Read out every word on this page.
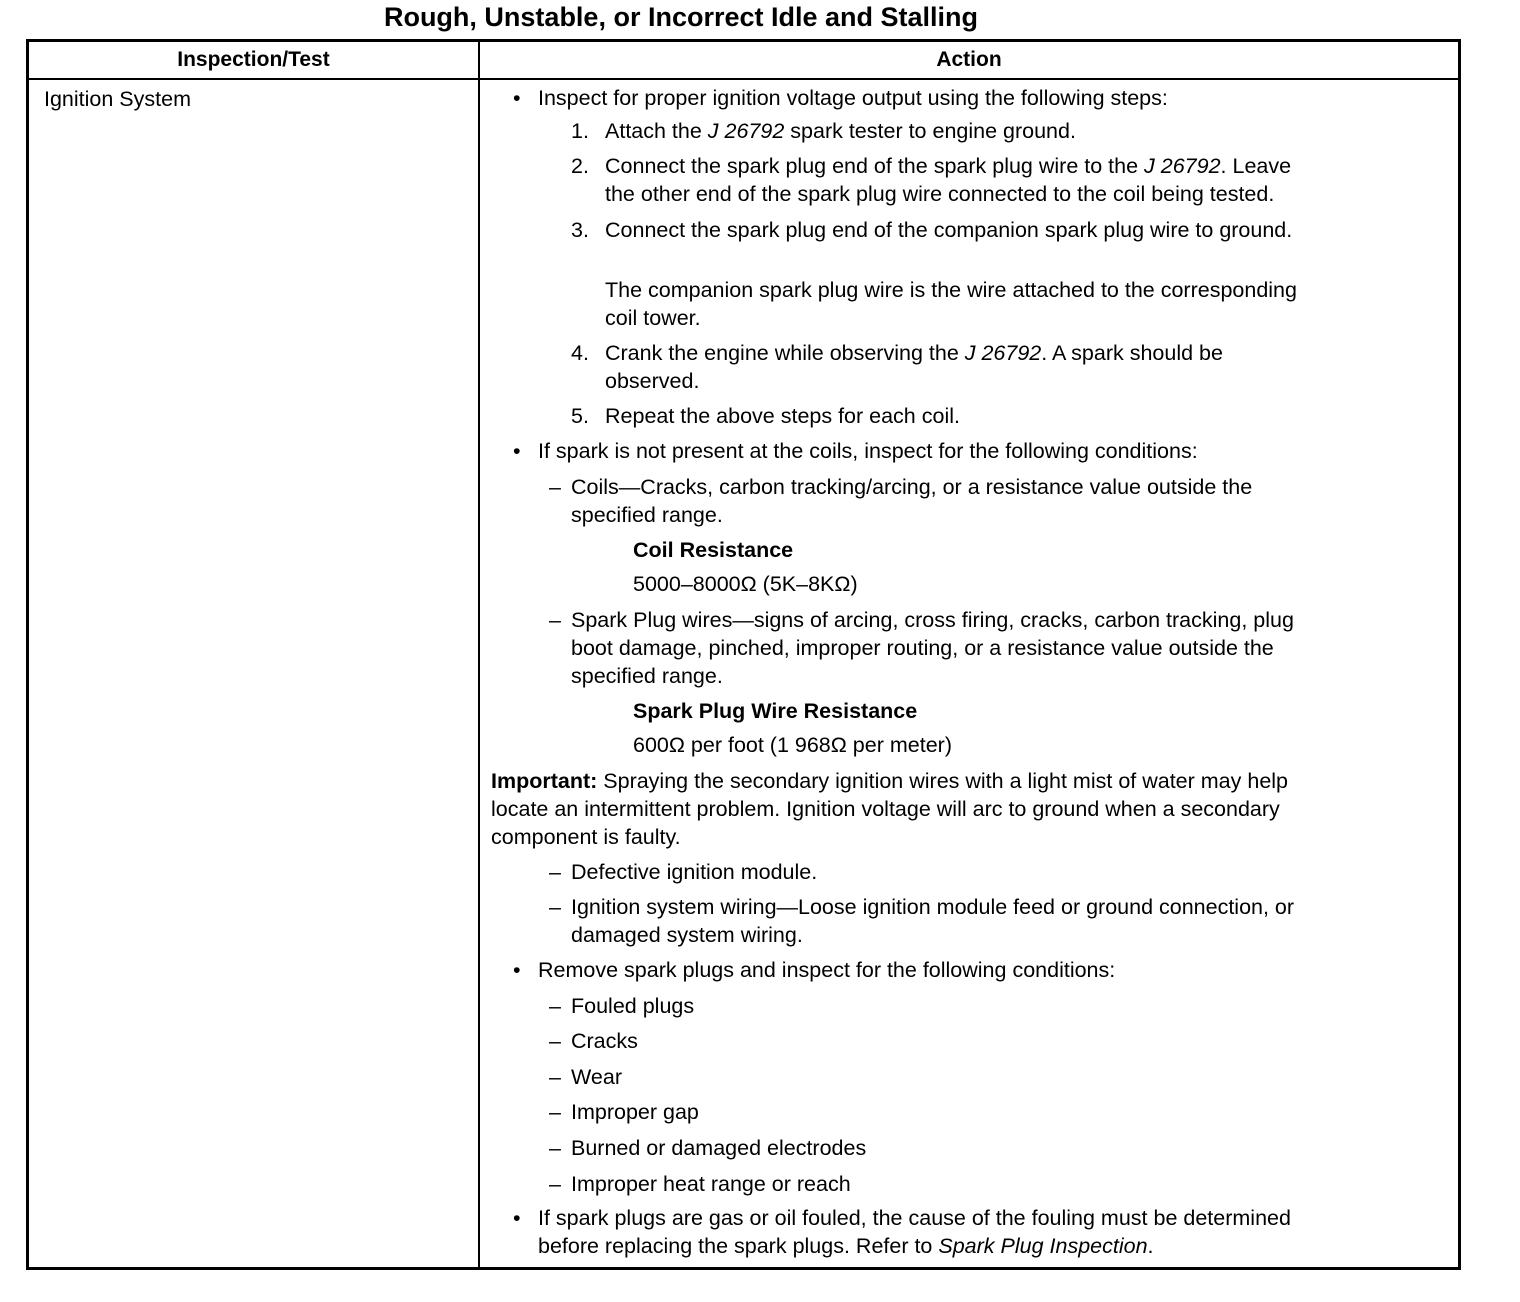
Rough, Unstable, or Incorrect Idle and Stalling
Inspection/Test	Action
Ignition System	• Inspect for proper ignition voltage output using the following steps:
1. Attach the J 26792 spark tester to engine ground.
2. Connect the spark plug end of the spark plug wire to the J 26792. Leave
the other end of the spark plug wire connected to the coil being tested.
3. Connect the spark plug end of the companion spark plug wire to ground.
The companion spark plug wire is the wire attached to the corresponding
coil tower.
4. Crank the engine while observing the J 26792. A spark should be
observed.
5. Repeat the above steps for each coil.
• If spark is not present at the coils, inspect for the following conditions:
– Coils—Cracks, carbon tracking/arcing, or a resistance value outside the
specified range.
Coil Resistance
5000–8000Ω (5K–8KΩ)
– Spark Plug wires—signs of arcing, cross firing, cracks, carbon tracking, plug
boot damage, pinched, improper routing, or a resistance value outside the
specified range.
Spark Plug Wire Resistance
600Ω per foot (1 968Ω per meter)
Important: Spraying the secondary ignition wires with a light mist of water may help
locate an intermittent problem. Ignition voltage will arc to ground when a secondary
component is faulty.
– Defective ignition module.
– Ignition system wiring—Loose ignition module feed or ground connection, or
damaged system wiring.
• Remove spark plugs and inspect for the following conditions:
– Fouled plugs
– Cracks
– Wear
– Improper gap
– Burned or damaged electrodes
– Improper heat range or reach
• If spark plugs are gas or oil fouled, the cause of the fouling must be determined
before replacing the spark plugs. Refer to Spark Plug Inspection.
